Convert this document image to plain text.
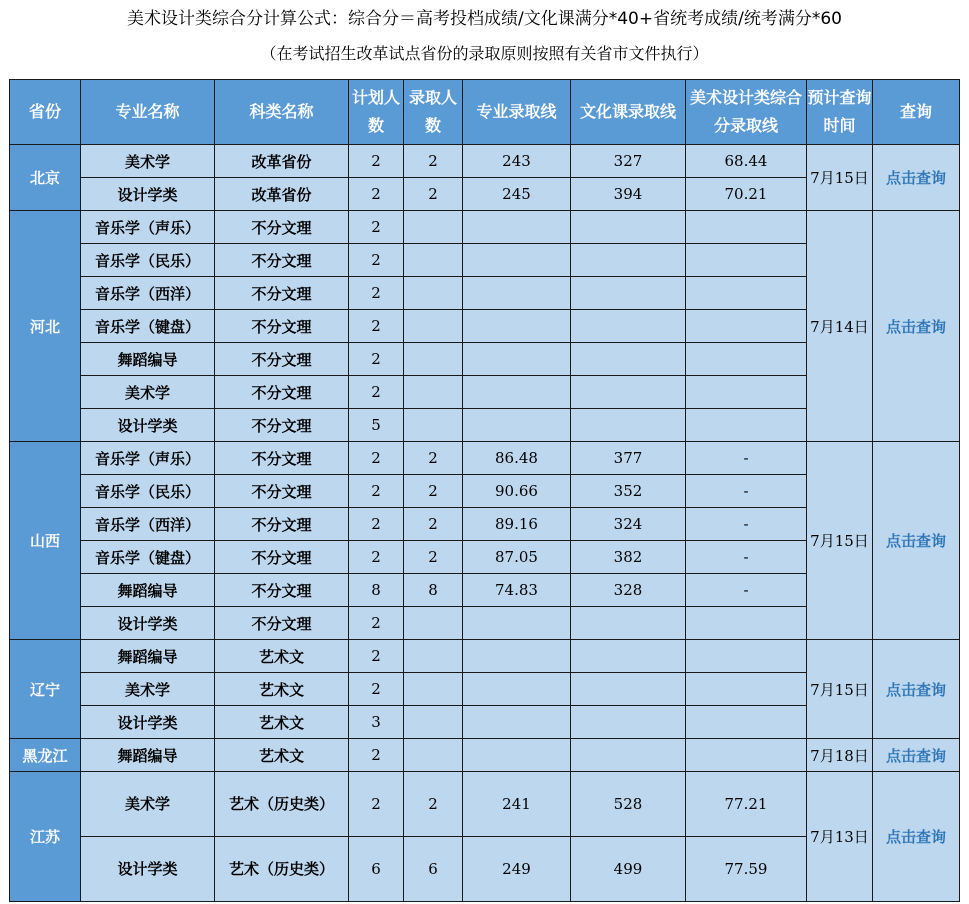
美术设计类综合分计算公式：综合分＝高考投档成绩/文化课满分*40+省统考成绩/统考满分*60
（在考试招生改革试点省份的录取原则按照有关省市文件执行）
省份	专业名称	科类名称	计划人数	录取人数	专业录取线	文化课录取线	美术设计类综合分录取线	预计查询时间	查询
北京	美术学	改革省份	2	2	243	327	68.44	7月15日	点击查询
	设计学类	改革省份	2	2	245	394	70.21		
河北	音乐学（声乐）	不分文理	2					7月14日	点击查询
	音乐学（民乐）	不分文理	2						
	音乐学（西洋）	不分文理	2						
	音乐学（键盘）	不分文理	2						
	舞蹈编导	不分文理	2						
	美术学	不分文理	2						
	设计学类	不分文理	5						
山西	音乐学（声乐）	不分文理	2	2	86.48	377	-	7月15日	点击查询
	音乐学（民乐）	不分文理	2	2	90.66	352	-		
	音乐学（西洋）	不分文理	2	2	89.16	324	-		
	音乐学（键盘）	不分文理	2	2	87.05	382	-		
	舞蹈编导	不分文理	8	8	74.83	328	-		
	设计学类	不分文理	2						
辽宁	舞蹈编导	艺术文	2					7月15日	点击查询
	美术学	艺术文	2						
	设计学类	艺术文	3						
黑龙江	舞蹈编导	艺术文	2					7月18日	点击查询
江苏	美术学	艺术（历史类）	2	2	241	528	77.21	7月13日	点击查询
	设计学类	艺术（历史类）	6	6	249	499	77.59		
